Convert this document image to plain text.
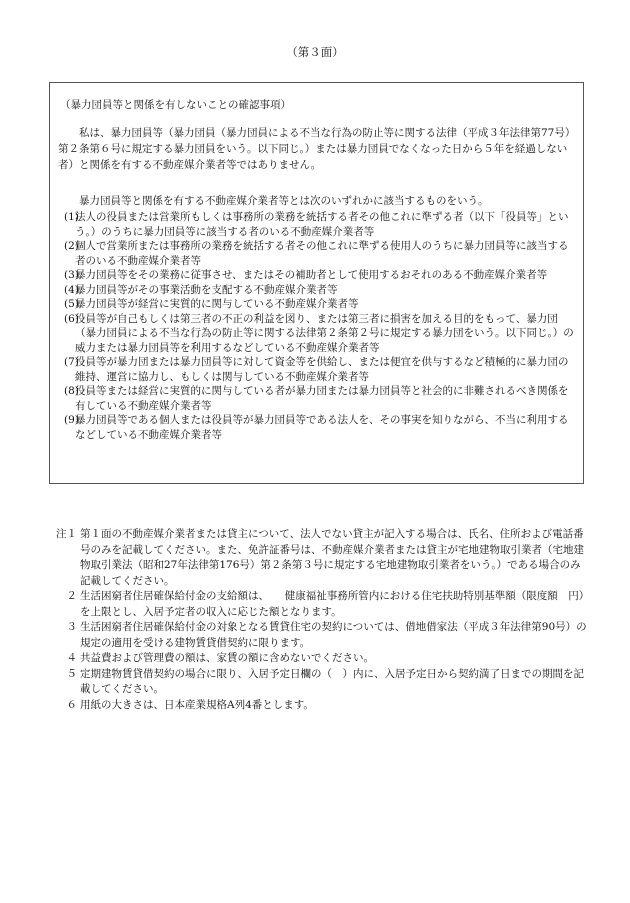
（第３面）
（暴力団員等と関係を有しないことの確認事項）
私は、暴力団員等（暴力団員（暴力団員による不当な行為の防止等に関する法律（平成３年法律第77号）第２条第６号に規定する暴力団員をいう。以下同じ。）または暴力団員でなくなった日から５年を経過しない者）と関係を有する不動産媒介業者等ではありません。
暴力団員等と関係を有する不動産媒介業者等とは次のいずれかに該当するものをいう。
(1)
法人の役員または営業所もしくは事務所の業務を統括する者その他これに準ずる者（以下「役員等」という。）のうちに暴力団員等に該当する者のいる不動産媒介業者等
(2)
個人で営業所または事務所の業務を統括する者その他これに準ずる使用人のうちに暴力団員等に該当する者のいる不動産媒介業者等
(3)
暴力団員等をその業務に従事させ、またはその補助者として使用するおそれのある不動産媒介業者等
(4)
暴力団員等がその事業活動を支配する不動産媒介業者等
(5)
暴力団員等が経営に実質的に関与している不動産媒介業者等
(6)
役員等が自己もしくは第三者の不正の利益を図り、または第三者に損害を加える目的をもって、暴力団（暴力団員による不当な行為の防止等に関する法律第２条第２号に規定する暴力団をいう。以下同じ。）の威力または暴力団員等を利用するなどしている不動産媒介業者等
(7)
役員等が暴力団または暴力団員等に対して資金等を供給し、または便宜を供与するなど積極的に暴力団の維持、運営に協力し、もしくは関与している不動産媒介業者等
(8)
役員等または経営に実質的に関与している者が暴力団または暴力団員等と社会的に非難されるべき関係を有している不動産媒介業者等
(9)
暴力団員等である個人または役員等が暴力団員等である法人を、その事実を知りながら、不当に利用するなどしている不動産媒介業者等
注１ 第１面の不動産媒介業者または貸主について、法人でない貸主が記入する場合は、氏名、住所および電話番号のみを記載してください。また、免許証番号は、不動産媒介業者または貸主が宅地建物取引業者（宅地建物取引業法（昭和27年法律第176号）第２条第３号に規定する宅地建物取引業者をいう。）である場合のみ記載してください。
２ 生活困窮者住居確保給付金の支給額は、　　健康福祉事務所管内における住宅扶助特別基準額（限度額　円）を上限とし、入居予定者の収入に応じた額となります。
３ 生活困窮者住居確保給付金の対象となる賃貸住宅の契約については、借地借家法（平成３年法律第90号）の規定の適用を受ける建物賃貸借契約に限ります。
４ 共益費および管理費の額は、家賃の額に含めないでください。
５ 定期建物賃貸借契約の場合に限り、入居予定日欄の（　）内に、入居予定日から契約満了日までの期間を記載してください。
６ 用紙の大きさは、日本産業規格A列4番とします。
